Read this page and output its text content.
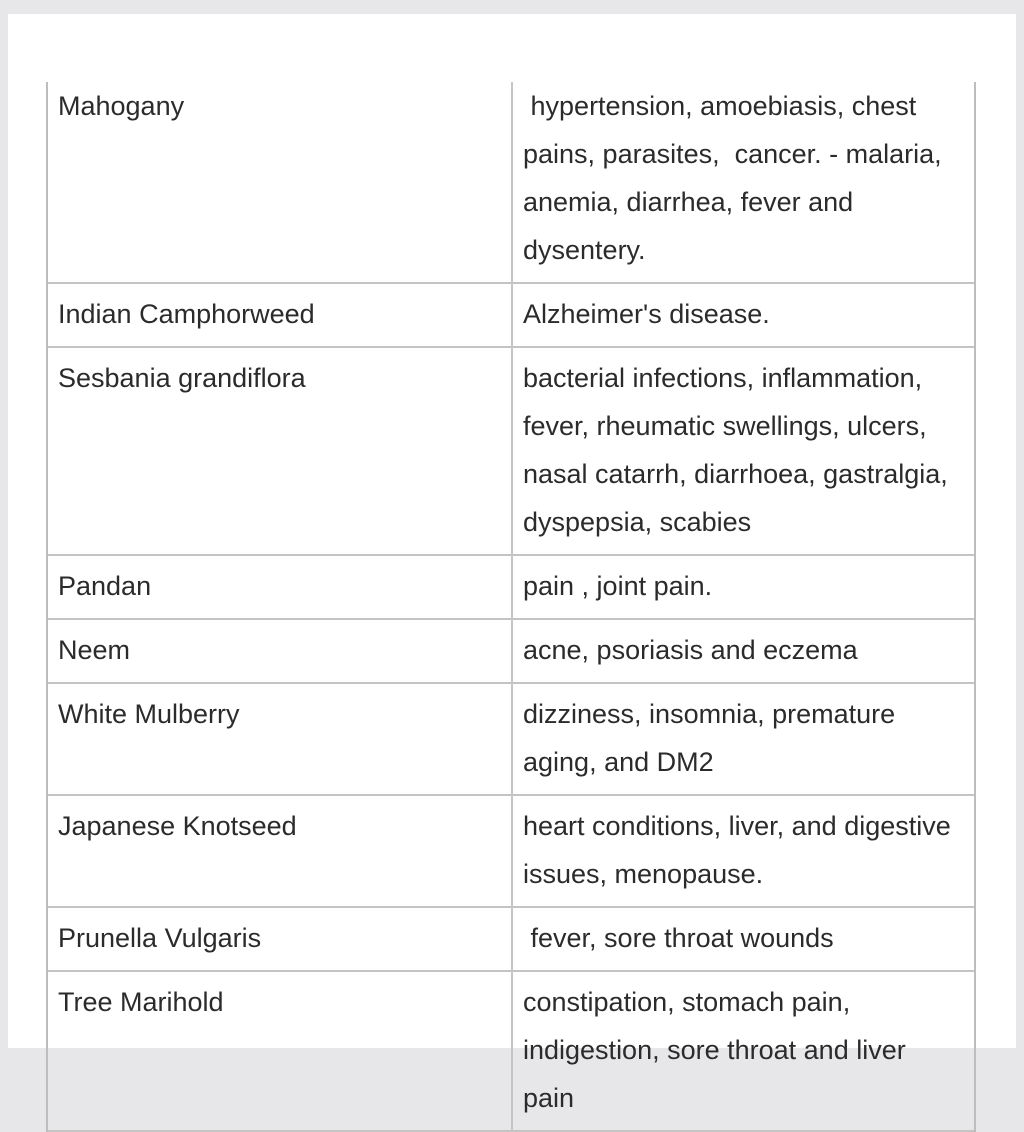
Mahogany	hypertension, amoebiasis, chest pains, parasites,  cancer. - malaria, anemia, diarrhea, fever and dysentery.
Indian Camphorweed	Alzheimer's disease.
Sesbania grandiflora	bacterial infections, inflammation, fever, rheumatic swellings, ulcers, nasal catarrh, diarrhoea, gastralgia, dyspepsia, scabies
Pandan	pain , joint pain.
Neem	acne, psoriasis and eczema
White Mulberry	dizziness, insomnia, premature aging, and DM2
Japanese Knotseed	heart conditions, liver, and digestive issues, menopause.
Prunella Vulgaris	fever, sore throat wounds
Tree Marihold	constipation, stomach pain, indigestion, sore throat and liver pain
